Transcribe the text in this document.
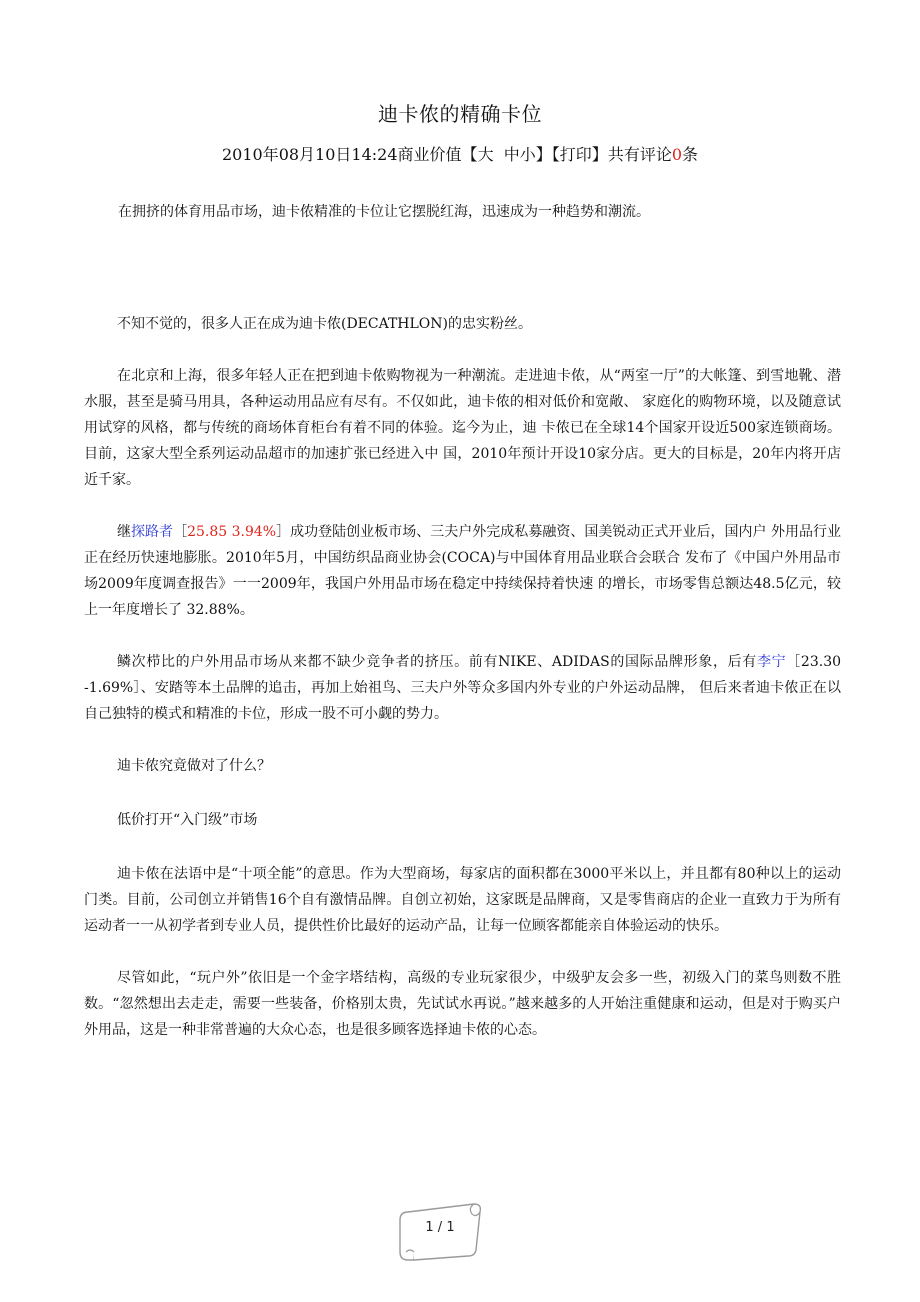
迪卡侬的精确卡位
2010年08月10日14:24商业价值【大 中小】【打印】共有评论0条
在拥挤的体育用品市场，迪卡侬精准的卡位让它摆脱红海，迅速成为一种趋势和潮流。

不知不觉的，很多人正在成为迪卡侬(DECATHLON)的忠实粉丝。

在北京和上海，很多年轻人正在把到迪卡侬购物视为一种潮流。走进迪卡侬，从“两室一厅”的大帐篷、到雪地靴、潜水服，甚至是骑马用具，各种运动用品应有尽有。不仅如此，迪卡侬的相对低价和宽敞、 家庭化的购物环境，以及随意试用试穿的风格，都与传统的商场体育柜台有着不同的体验。迄今为止，迪 卡侬已在全球14个国家开设近500家连锁商场。目前，这家大型全系列运动品超市的加速扩张已经进入中 国，2010年预计开设10家分店。更大的目标是，20年内将开店近千家。

继探路者［25.85 3.94%］成功登陆创业板市场、三夫户外完成私募融资、国美锐动正式开业后，国内户 外用品行业正在经历快速地膨胀。2010年5月，中国纺织品商业协会(COCA)与中国体育用品业联合会联合 发布了《中国户外用品市场2009年度调查报告》一一2009年，我国户外用品市场在稳定中持续保持着快速 的增长，市场零售总额达48.5亿元，较上一年度增长了 32.88%。

鳞次栉比的户外用品市场从来都不缺少竞争者的挤压。前有NIKE、ADIDAS的国际品牌形象，后有李宁［23.30 -1.69%］、安踏等本土品牌的追击，再加上始祖鸟、三夫户外等众多国内外专业的户外运动品牌， 但后来者迪卡侬正在以自己独特的模式和精准的卡位，形成一股不可小觑的势力。

迪卡侬究竟做对了什么？

低价打开“入门级”市场

迪卡侬在法语中是“十项全能”的意思。作为大型商场，每家店的面积都在3000平米以上，并且都有80种以上的运动门类。目前，公司创立并销售16个自有激情品牌。自创立初始，这家既是品牌商，又是零售商店的企业一直致力于为所有运动者一一从初学者到专业人员，提供性价比最好的运动产品，让每一位顾客都能亲自体验运动的快乐。

尽管如此，“玩户外”依旧是一个金字塔结构，高级的专业玩家很少，中级驴友会多一些，初级入门的菜鸟则数不胜数。“忽然想出去走走，需要一些装备，价格别太贵，先试试水再说。”越来越多的人开始注重健康和运动，但是对于购买户外用品，这是一种非常普遍的大众心态，也是很多顾客选择迪卡侬的心态。

1 / 1
